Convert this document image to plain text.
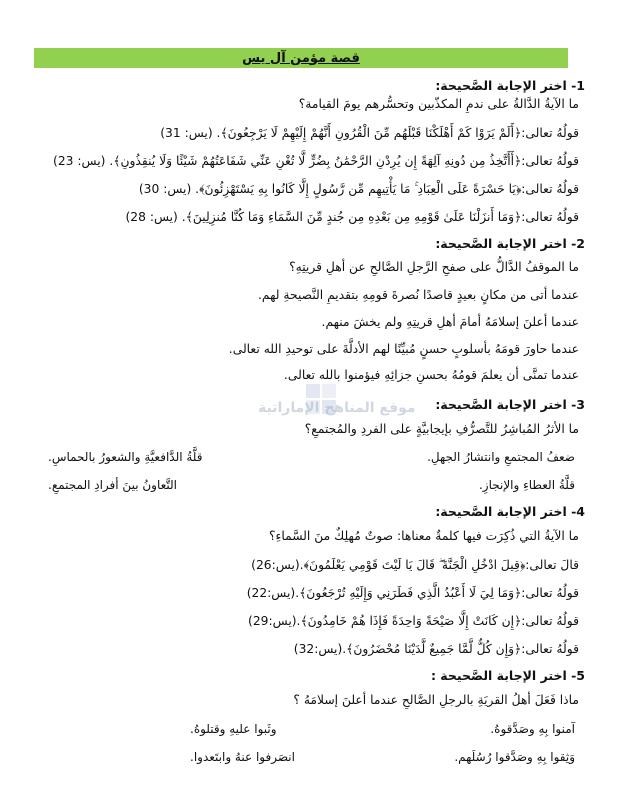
قصة مؤمن آل يس
1- اختر الإجابة الصَّحيحة:
ما الآيةُ الدَّالةُ على ندمِ المكذّبين وتحسُّرهم يومَ القيامة؟
قولُهُ تعالى:﴿أَلَمْ يَرَوْا كَمْ أَهْلَكْنَا قَبْلَهُم مِّنَ الْقُرُونِ أَنَّهُمْ إِلَيْهِمْ لَا يَرْجِعُونَ﴾. (يس: 31)
قولُهُ تعالى:﴿أَأَتَّخِذُ مِن دُونِهِ آلِهَةً إِن يُرِدْنِ الرَّحْمَٰنُ بِضُرٍّ لَّا تُغْنِ عَنِّي شَفَاعَتُهُمْ شَيْئًا وَلَا يُنقِذُونِ﴾. (يس: 23)
قولُهُ تعالى:﴿يَا حَسْرَةً عَلَى الْعِبَادِ ۚ مَا يَأْتِيهِم مِّن رَّسُولٍ إِلَّا كَانُوا بِهِ يَسْتَهْزِئُونَ﴾. (يس: 30)
قولُهُ تعالى:﴿وَمَا أَنزَلْنَا عَلَىٰ قَوْمِهِ مِن بَعْدِهِ مِن جُندٍ مِّنَ السَّمَاءِ وَمَا كُنَّا مُنزِلِينَ﴾. (يس: 28)
2- اختر الإجابة الصَّحيحة:
ما الموقفُ الدَّالُّ على صفحِ الرَّجلِ الصَّالحِ عن أهلِ قريتِهِ؟
عندما أتى من مكانٍ بعيدٍ قاصدًا نُصرةَ قومِهِ بتقديمِ النَّصيحةِ لهم.
عندما أعلنَ إسلامَهُ أمامَ أهلِ قريتِهِ ولم يخشَ منهم.
عندما حاورَ قومَهُ بأسلوبٍ حسنٍ مُبيِّنًا لهم الأدلَّةَ على توحيدِ الله تعالى.
عندما تمنَّى أن يعلمَ قومُهُ بحسنِ جزائِهِ فيؤمنوا بالله تعالى.
موقع المناهج الإماراتية 3- اختر الإجابة الصَّحيحة:
ما الأثرُ المُباشِرُ للتَّصرُّفِ بإيجابيَّةٍ على الفردِ والمُجتمعِ؟
ضعفُ المجتمعِ وانتشارُ الجهلِ.
قلَّةُ الدَّافعيَّةِ والشعورُ بالحماسِ.
قلَّةُ العطاءِ والإنجازِ.
التَّعاونُ بينَ أفرادِ المجتمعِ.
4- اختر الإجابة الصَّحيحة:
ما الآيةُ التي ذُكِرَت فيها كلمةٌ معناها: صوتٌ مُهلِكٌ منَ السَّماءِ؟
قالَ تعالى:﴿قِيلَ ادْخُلِ الْجَنَّةَ ۖ قَالَ يَا لَيْتَ قَوْمِي يَعْلَمُونَ﴾.(يس:26)
قولُهُ تعالى:﴿وَمَا لِيَ لَا أَعْبُدُ الَّذِي فَطَرَنِي وَإِلَيْهِ تُرْجَعُونَ﴾.(يس:22)
قولُهُ تعالى:﴿إِن كَانَتْ إِلَّا صَيْحَةً وَاحِدَةً فَإِذَا هُمْ خَامِدُونَ﴾.(يس:29)
قولُهُ تعالى:﴿وَإِن كُلٌّ لَّمَّا جَمِيعٌ لَّدَيْنَا مُحْضَرُونَ﴾.(يس:32)
5- اختر الإجابة الصَّحيحة :
ماذا فَعَلَ أهلُ القريَةِ بالرجلِ الصَّالحِ عندما أعلنَ إسلامَهُ ؟
آمنوا بِهِ وصَدَّقوهُ.
وثَبوا عليهِ وقتلوهُ.
وَثِقوا بِهِ وصَدَّقوا رُسُلَهم.
انصَرفوا عنهُ وابتَعدوا.
